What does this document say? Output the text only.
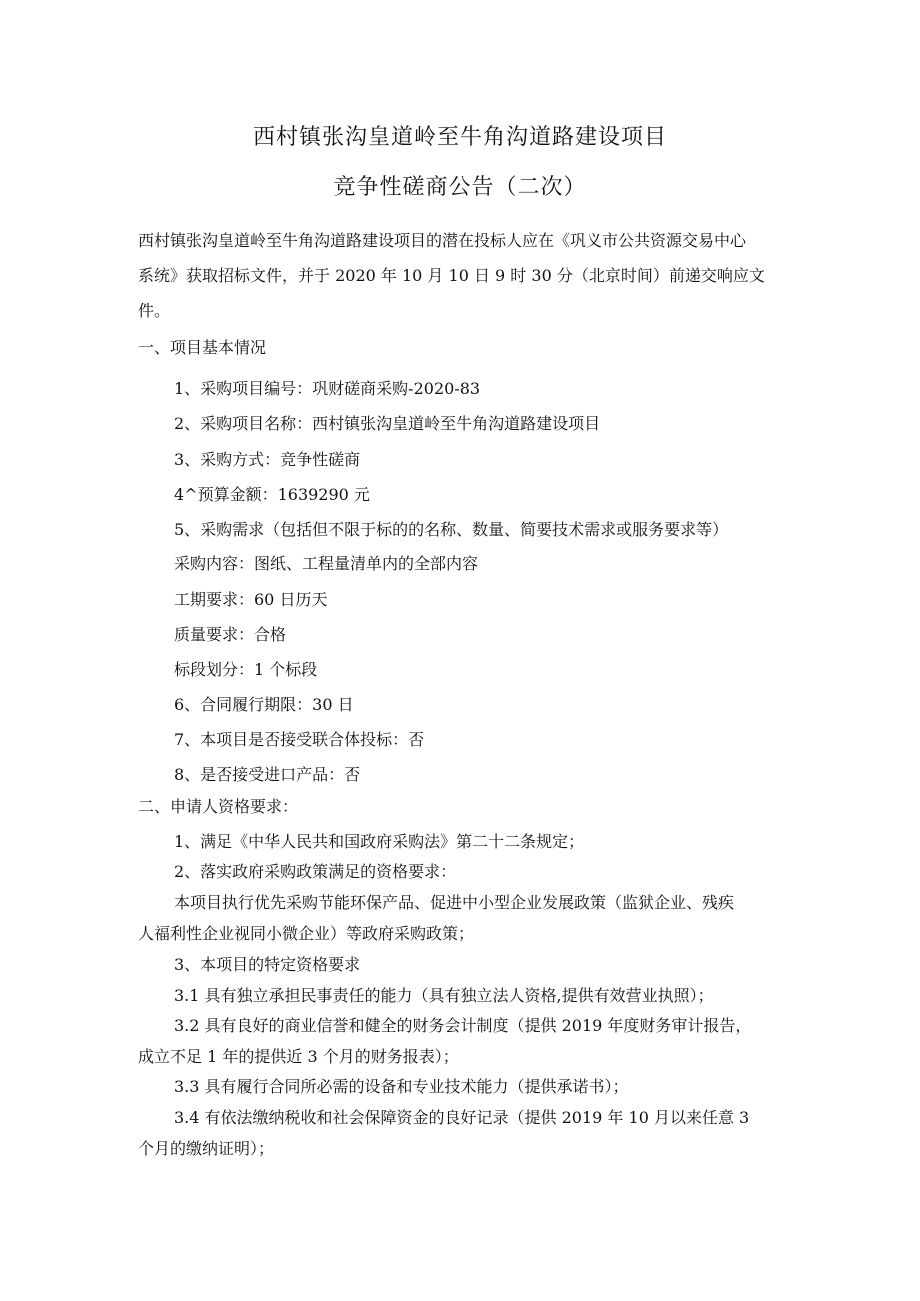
西村镇张沟皇道岭至牛角沟道路建设项目
竞争性磋商公告（二次）
西村镇张沟皇道岭至牛角沟道路建设项目的潜在投标人应在《巩义市公共资源交易中心
系统》获取招标文件，并于 2020 年 10 月 10 日 9 时 30 分（北京时间）前递交响应文
件。
一、项目基本情况
1、采购项目编号：巩财磋商采购-2020-83
2、采购项目名称：西村镇张沟皇道岭至牛角沟道路建设项目
3、采购方式：竞争性磋商
4^预算金额：1639290 元
5、采购需求（包括但不限于标的的名称、数量、简要技术需求或服务要求等）
采购内容：图纸、工程量清单内的全部内容
工期要求：60 日历天
质量要求：合格
标段划分：1 个标段
6、合同履行期限：30 日
7、本项目是否接受联合体投标：否
8、是否接受进口产品：否
二、申请人资格要求：
1、满足《中华人民共和国政府采购法》第二十二条规定；
2、落实政府采购政策满足的资格要求：
本项目执行优先采购节能环保产品、促进中小型企业发展政策（监狱企业、残疾
人福利性企业视同小微企业）等政府采购政策；
3、本项目的特定资格要求
3.1 具有独立承担民事责任的能力（具有独立法人资格,提供有效营业执照）；
3.2 具有良好的商业信誉和健全的财务会计制度（提供 2019 年度财务审计报告，
成立不足 1 年的提供近 3 个月的财务报表）；
3.3 具有履行合同所必需的设备和专业技术能力（提供承诺书）；
3.4 有依法缴纳税收和社会保障资金的良好记录（提供 2019 年 10 月以来任意 3
个月的缴纳证明）；
